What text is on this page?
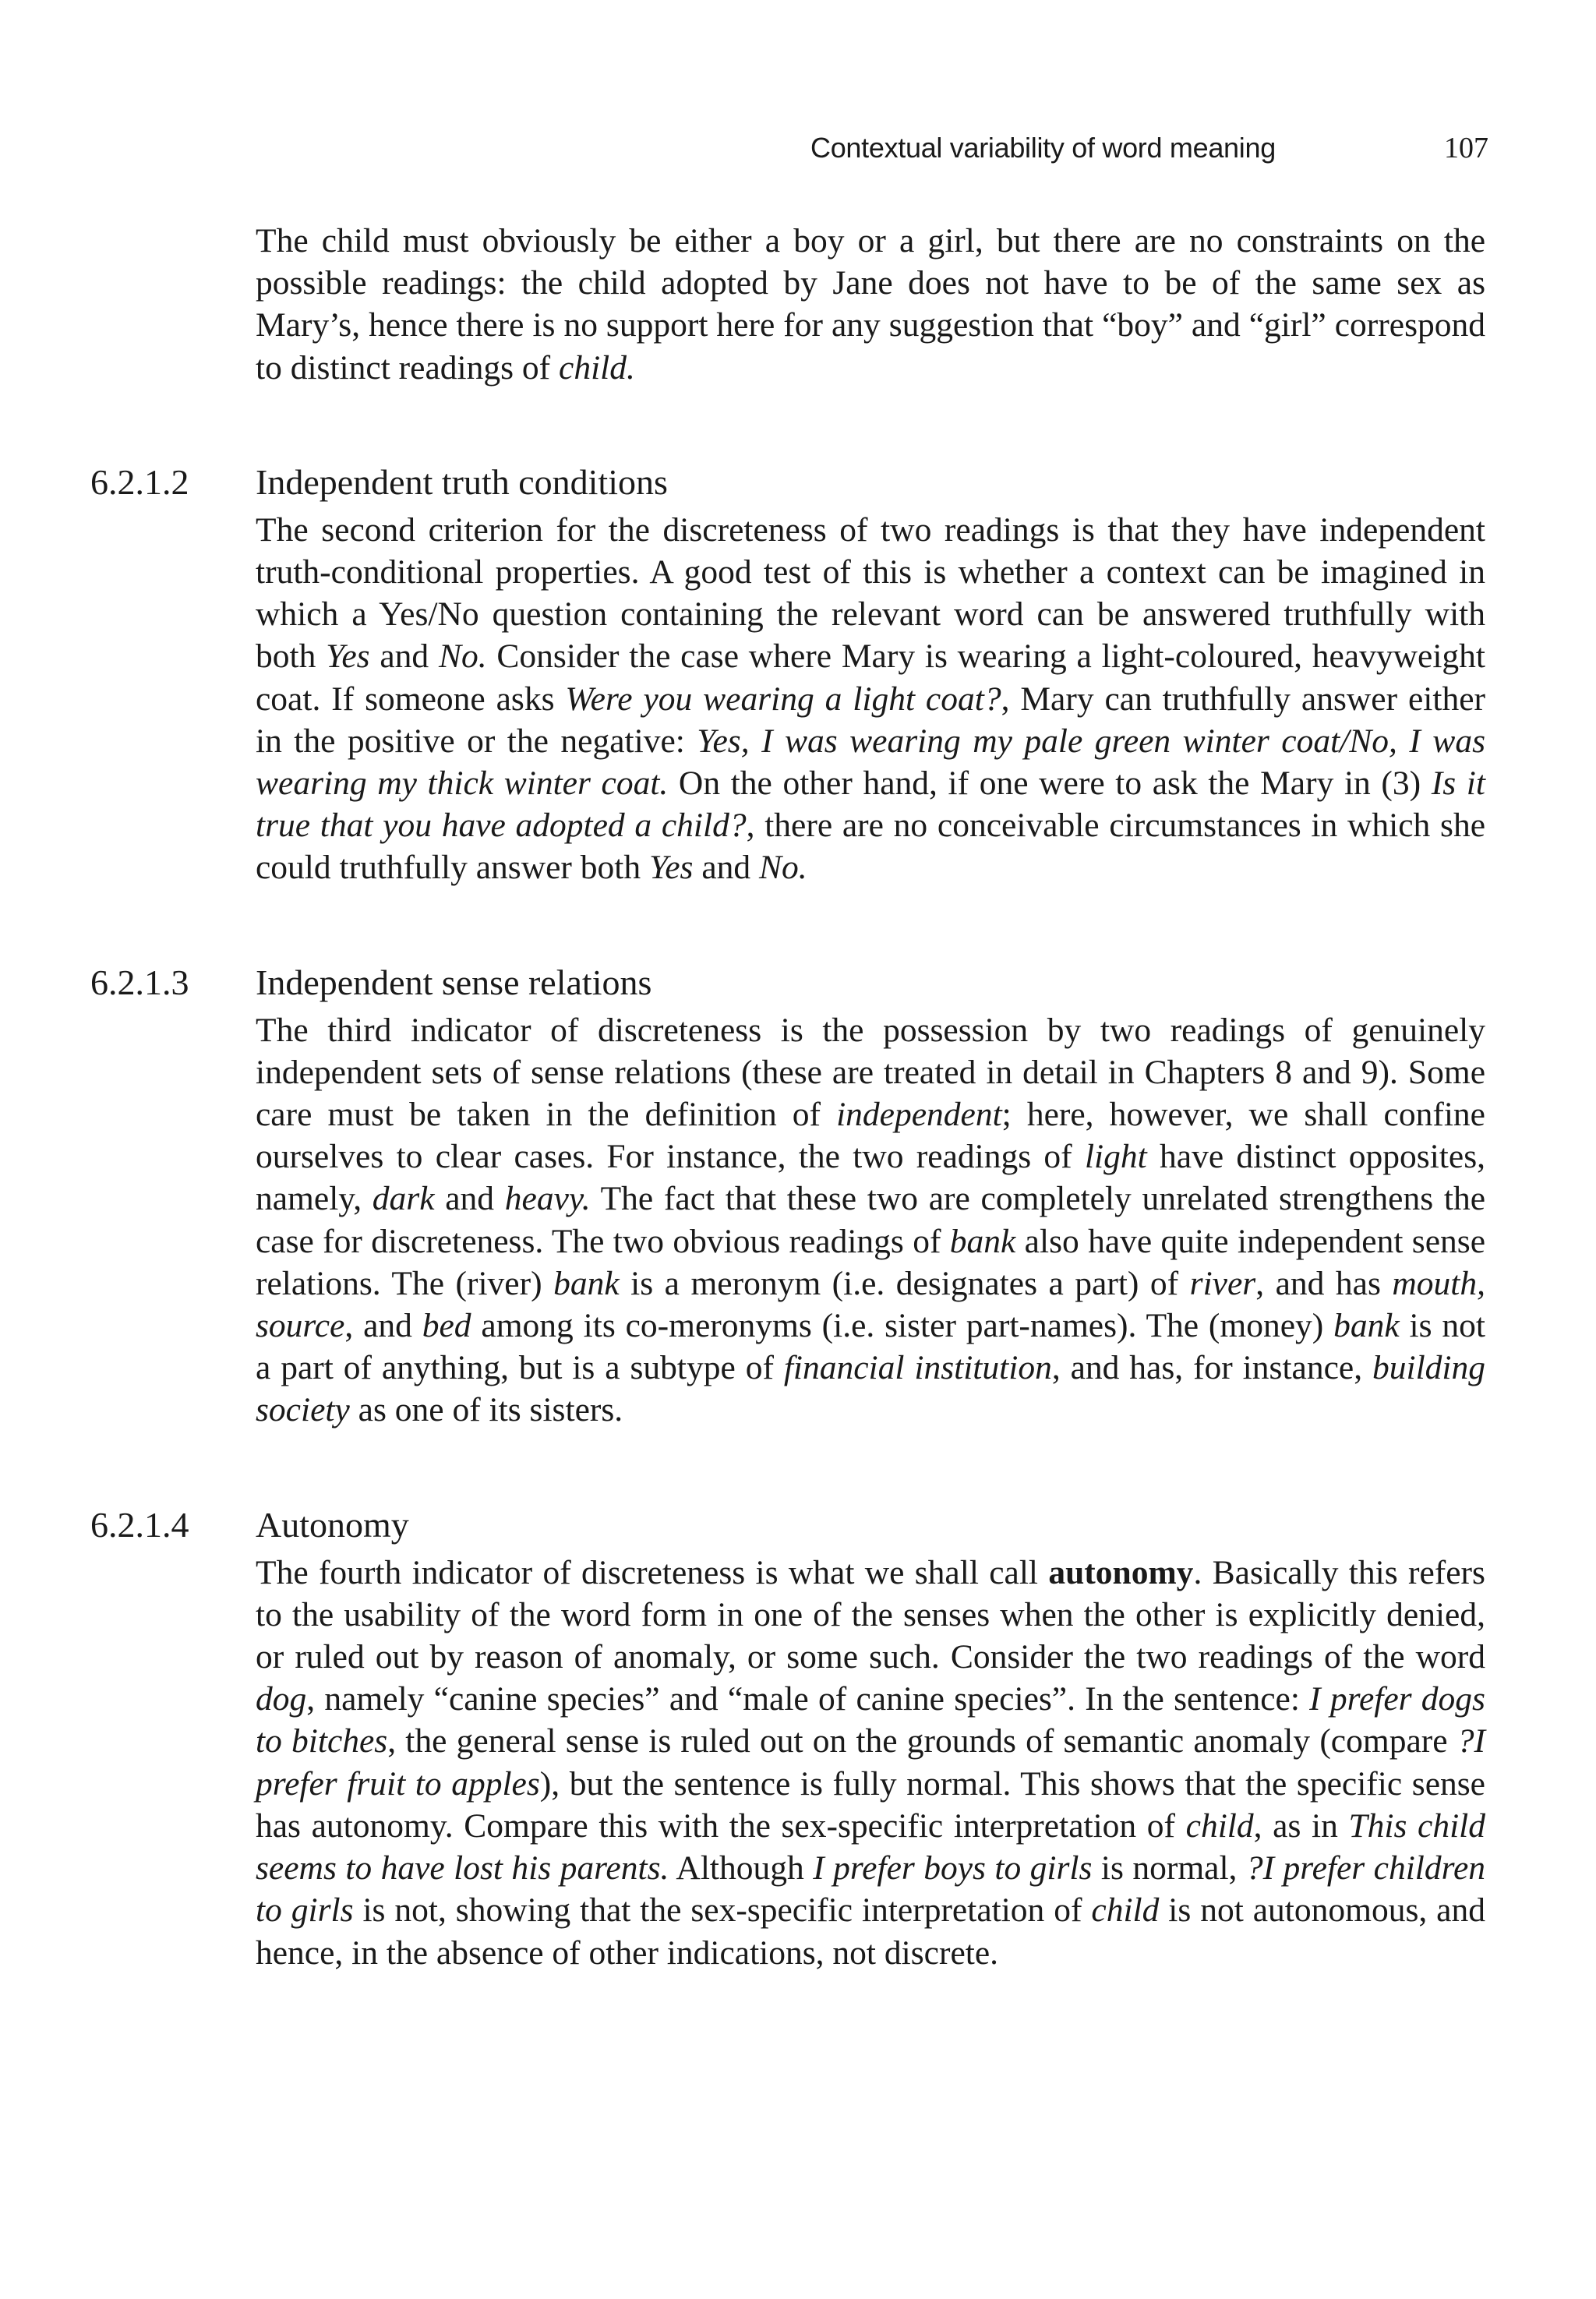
Contextual variability of word meaning	107

The child must obviously be either a boy or a girl, but there are no constraints on the possible readings: the child adopted by Jane does not have to be of the same sex as Mary’s, hence there is no support here for any suggestion that “boy” and “girl” correspond to distinct readings of child.

6.2.1.2	Independent truth conditions

The second criterion for the discreteness of two readings is that they have independent truth-conditional properties. A good test of this is whether a context can be imagined in which a Yes/No question containing the relevant word can be answered truthfully with both Yes and No. Consider the case where Mary is wearing a light-coloured, heavyweight coat. If someone asks Were you wearing a light coat?, Mary can truthfully answer either in the positive or the negative: Yes, I was wearing my pale green winter coat/No, I was wearing my thick winter coat. On the other hand, if one were to ask the Mary in (3) Is it true that you have adopted a child?, there are no conceivable circumstances in which she could truthfully answer both Yes and No.

6.2.1.3	Independent sense relations

The third indicator of discreteness is the possession by two readings of genuinely independent sets of sense relations (these are treated in detail in Chapters 8 and 9). Some care must be taken in the definition of independent; here, however, we shall confine ourselves to clear cases. For instance, the two readings of light have distinct opposites, namely, dark and heavy. The fact that these two are completely unrelated strengthens the case for discreteness. The two obvious readings of bank also have quite independent sense relations. The (river) bank is a meronym (i.e. designates a part) of river, and has mouth, source, and bed among its co-meronyms (i.e. sister part-names). The (money) bank is not a part of anything, but is a subtype of financial institution, and has, for instance, building society as one of its sisters.

6.2.1.4	Autonomy

The fourth indicator of discreteness is what we shall call autonomy. Basically this refers to the usability of the word form in one of the senses when the other is explicitly denied, or ruled out by reason of anomaly, or some such. Consider the two readings of the word dog, namely “canine species” and “male of canine species”. In the sentence: I prefer dogs to bitches, the general sense is ruled out on the grounds of semantic anomaly (compare ?I prefer fruit to apples), but the sentence is fully normal. This shows that the specific sense has autonomy. Compare this with the sex-specific interpretation of child, as in This child seems to have lost his parents. Although I prefer boys to girls is normal, ?I prefer children to girls is not, showing that the sex-specific interpretation of child is not autonomous, and hence, in the absence of other indications, not discrete.
